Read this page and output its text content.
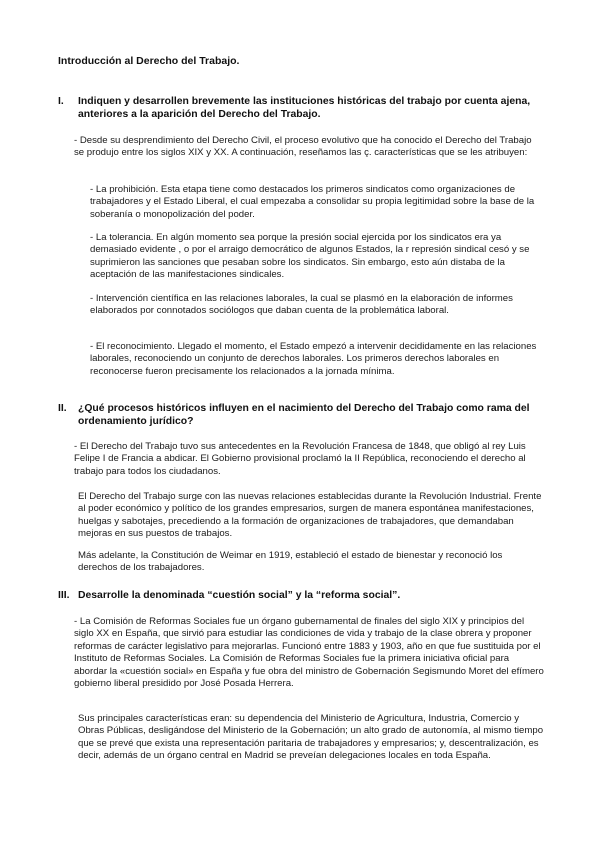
Introducción al Derecho del Trabajo.
I. Indiquen y desarrollen brevemente las instituciones históricas del trabajo por cuenta ajena, anteriores a la aparición del Derecho del Trabajo.
- Desde su desprendimiento del Derecho Civil, el proceso evolutivo que ha conocido el Derecho del Trabajo se produjo entre los siglos XIX y XX. A continuación, reseñamos las ç. características que se les atribuyen:
- La prohibición. Esta etapa tiene como destacados los primeros sindicatos como organizaciones de trabajadores y el Estado Liberal, el cual empezaba a consolidar su propia legitimidad sobre la base de la soberanía o monopolización del poder.
- La tolerancia. En algún momento sea porque la presión social ejercida por los sindicatos era ya demasiado evidente , o por el arraigo democrático de algunos Estados, la r represión sindical cesó y se suprimieron las sanciones que pesaban sobre los sindicatos. Sin embargo, esto aún distaba de la aceptación de las manifestaciones sindicales.
- Intervención científica en las relaciones laborales, la cual se plasmó en la elaboración de informes elaborados por connotados sociólogos que daban cuenta de la problemática laboral.
- El reconocimiento. Llegado el momento, el Estado empezó a intervenir decididamente en las relaciones laborales, reconociendo un conjunto de derechos laborales. Los primeros derechos laborales en reconocerse fueron precisamente los relacionados a la jornada mínima.
II. ¿Qué procesos históricos influyen en el nacimiento del Derecho del Trabajo como rama del ordenamiento jurídico?
- El Derecho del Trabajo tuvo sus antecedentes en la Revolución Francesa de 1848, que obligó al rey Luis Felipe I de Francia a abdicar. El Gobierno provisional proclamó la II República, reconociendo el derecho al trabajo para todos los ciudadanos.
El Derecho del Trabajo surge con las nuevas relaciones establecidas durante la Revolución Industrial. Frente al poder económico y político de los grandes empresarios, surgen de manera espontánea manifestaciones, huelgas y sabotajes, precediendo a la formación de organizaciones de trabajadores, que demandaban mejoras en sus puestos de trabajos.
Más adelante, la Constitución de Weimar en 1919, estableció el estado de bienestar y reconoció los derechos de los trabajadores.
III. Desarrolle la denominada “cuestión social” y la “reforma social”.
- La Comisión de Reformas Sociales fue un órgano gubernamental de finales del siglo XIX y principios del siglo XX en España, que sirvió para estudiar las condiciones de vida y trabajo de la clase obrera y proponer reformas de carácter legislativo para mejorarlas. Funcionó entre 1883 y 1903, año en que fue sustituida por el Instituto de Reformas Sociales. La Comisión de Reformas Sociales fue la primera iniciativa oficial para abordar la «cuestión social» en España y fue obra del ministro de Gobernación Segismundo Moret del efímero gobierno liberal presidido por José Posada Herrera.
Sus principales características eran: su dependencia del Ministerio de Agricultura, Industria, Comercio y Obras Públicas, desligándose del Ministerio de la Gobernación; un alto grado de autonomía, al mismo tiempo que se prevé que exista una representación paritaria de trabajadores y empresarios; y, descentralización, es decir, además de un órgano central en Madrid se preveían delegaciones locales en toda España.
